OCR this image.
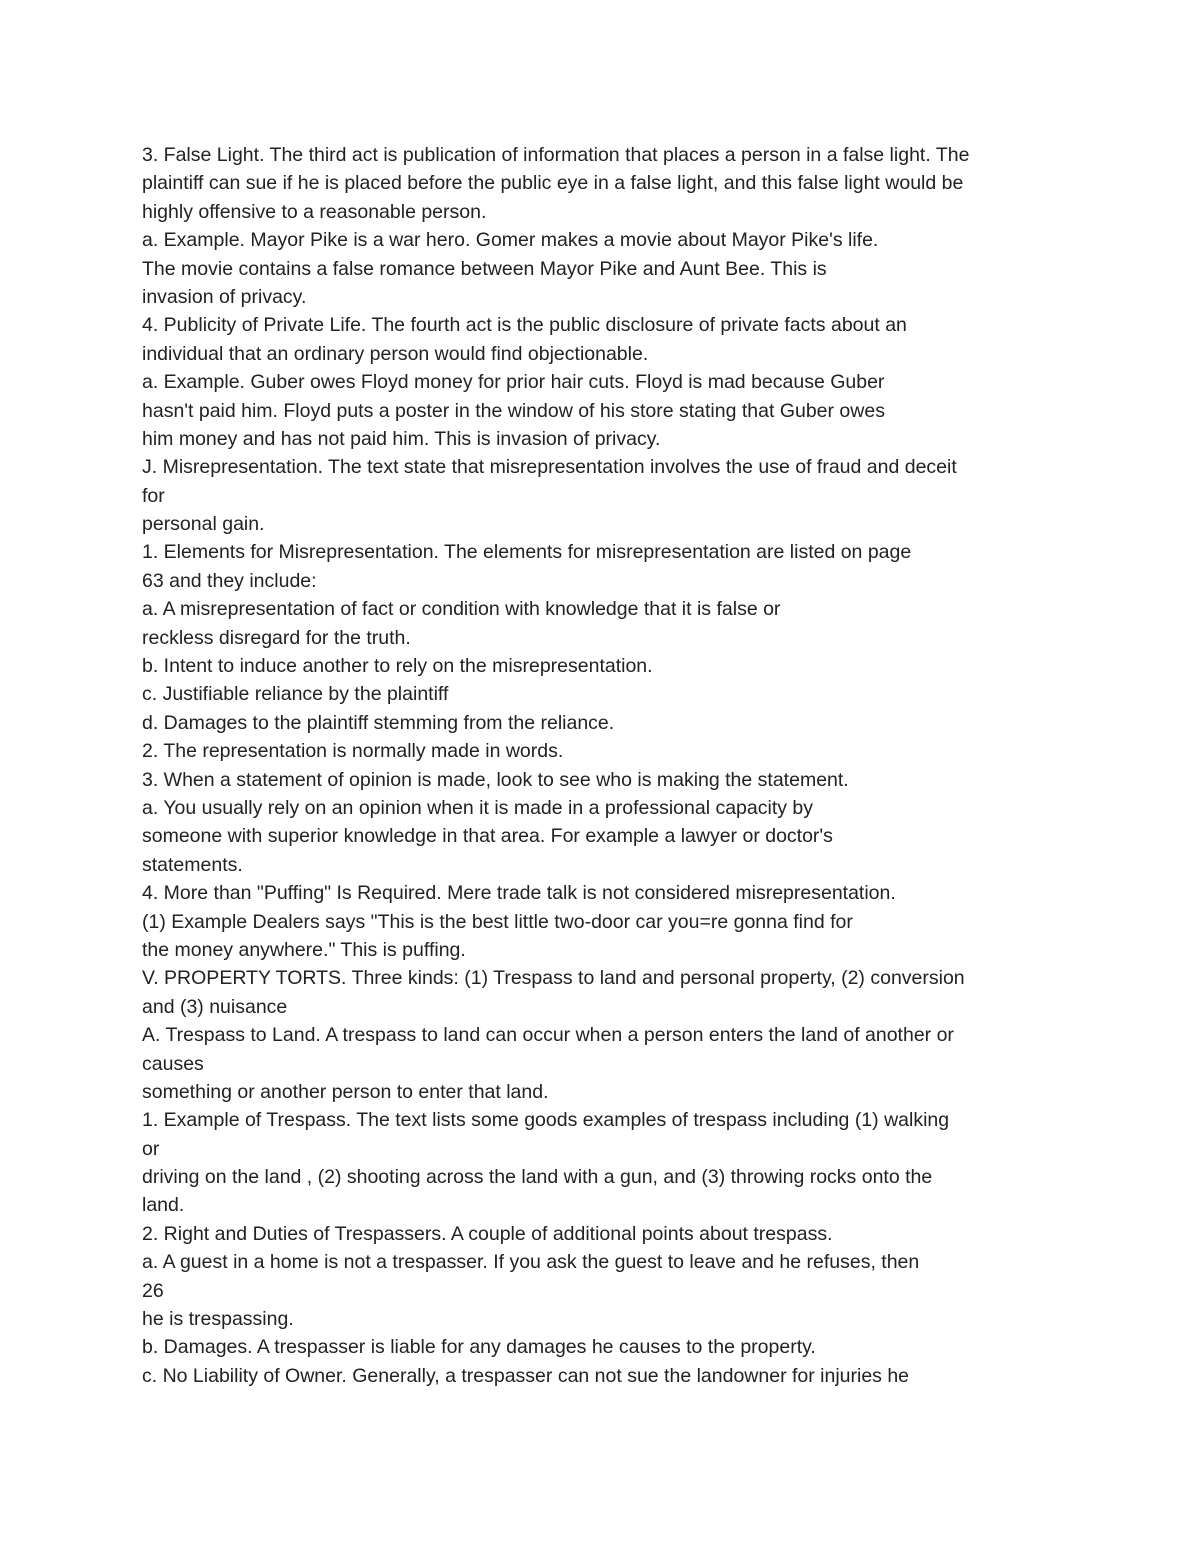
3. False Light. The third act is publication of information that places a person in a false light. The
plaintiff can sue if he is placed before the public eye in a false light, and this false light would be
highly offensive to a reasonable person.
a. Example. Mayor Pike is a war hero. Gomer makes a movie about Mayor Pike's life.
The movie contains a false romance between Mayor Pike and Aunt Bee. This is
invasion of privacy.
4. Publicity of Private Life. The fourth act is the public disclosure of private facts about an
individual that an ordinary person would find objectionable.
a. Example. Guber owes Floyd money for prior hair cuts. Floyd is mad because Guber
hasn't paid him. Floyd puts a poster in the window of his store stating that Guber owes
him money and has not paid him. This is invasion of privacy.
J. Misrepresentation. The text state that misrepresentation involves the use of fraud and deceit
for
personal gain.
1. Elements for Misrepresentation. The elements for misrepresentation are listed on page
63 and they include:
a. A misrepresentation of fact or condition with knowledge that it is false or
reckless disregard for the truth.
b. Intent to induce another to rely on the misrepresentation.
c. Justifiable reliance by the plaintiff
d. Damages to the plaintiff stemming from the reliance.
2. The representation is normally made in words.
3. When a statement of opinion is made, look to see who is making the statement.
a. You usually rely on an opinion when it is made in a professional capacity by
someone with superior knowledge in that area. For example a lawyer or doctor's
statements.
4. More than "Puffing" Is Required. Mere trade talk is not considered misrepresentation.
(1) Example Dealers says "This is the best little two-door car you=re gonna find for
the money anywhere." This is puffing.
V. PROPERTY TORTS. Three kinds: (1) Trespass to land and personal property, (2) conversion
and (3) nuisance
A. Trespass to Land. A trespass to land can occur when a person enters the land of another or
causes
something or another person to enter that land.
1. Example of Trespass. The text lists some goods examples of trespass including (1) walking
or
driving on the land , (2) shooting across the land with a gun, and (3) throwing rocks onto the
land.
2. Right and Duties of Trespassers. A couple of additional points about trespass.
a. A guest in a home is not a trespasser. If you ask the guest to leave and he refuses, then
26
he is trespassing.
b. Damages. A trespasser is liable for any damages he causes to the property.
c. No Liability of Owner. Generally, a trespasser can not sue the landowner for injuries he
